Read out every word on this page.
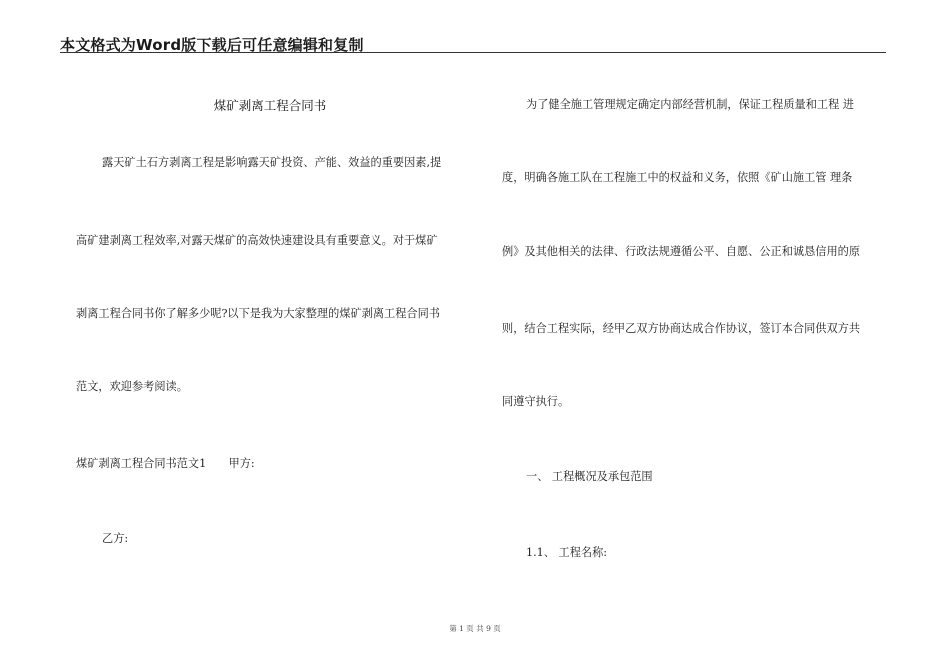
本文格式为Word版下载后可任意编辑和复制
煤矿剥离工程合同书
露天矿土石方剥离工程是影响露天矿投资、产能、效益的重要因素,提
高矿建剥离工程效率,对露天煤矿的高效快速建设具有重要意义。对于煤矿
剥离工程合同书你了解多少呢?以下是我为大家整理的煤矿剥离工程合同书
范文，欢迎参考阅读。
煤矿剥离工程合同书范文1　　甲方:
乙方:
为了健全施工管理规定确定内部经营机制，保证工程质量和工程 进
度，明确各施工队在工程施工中的权益和义务，依照《矿山施工管 理条
例》及其他相关的法律、行政法规遵循公平、自愿、公正和诚恳信用的原
则，结合工程实际，经甲乙双方协商达成合作协议，签订本合同供双方共
同遵守执行。
一、 工程概况及承包范围
1.1、 工程名称:
第 1 页 共 9 页
